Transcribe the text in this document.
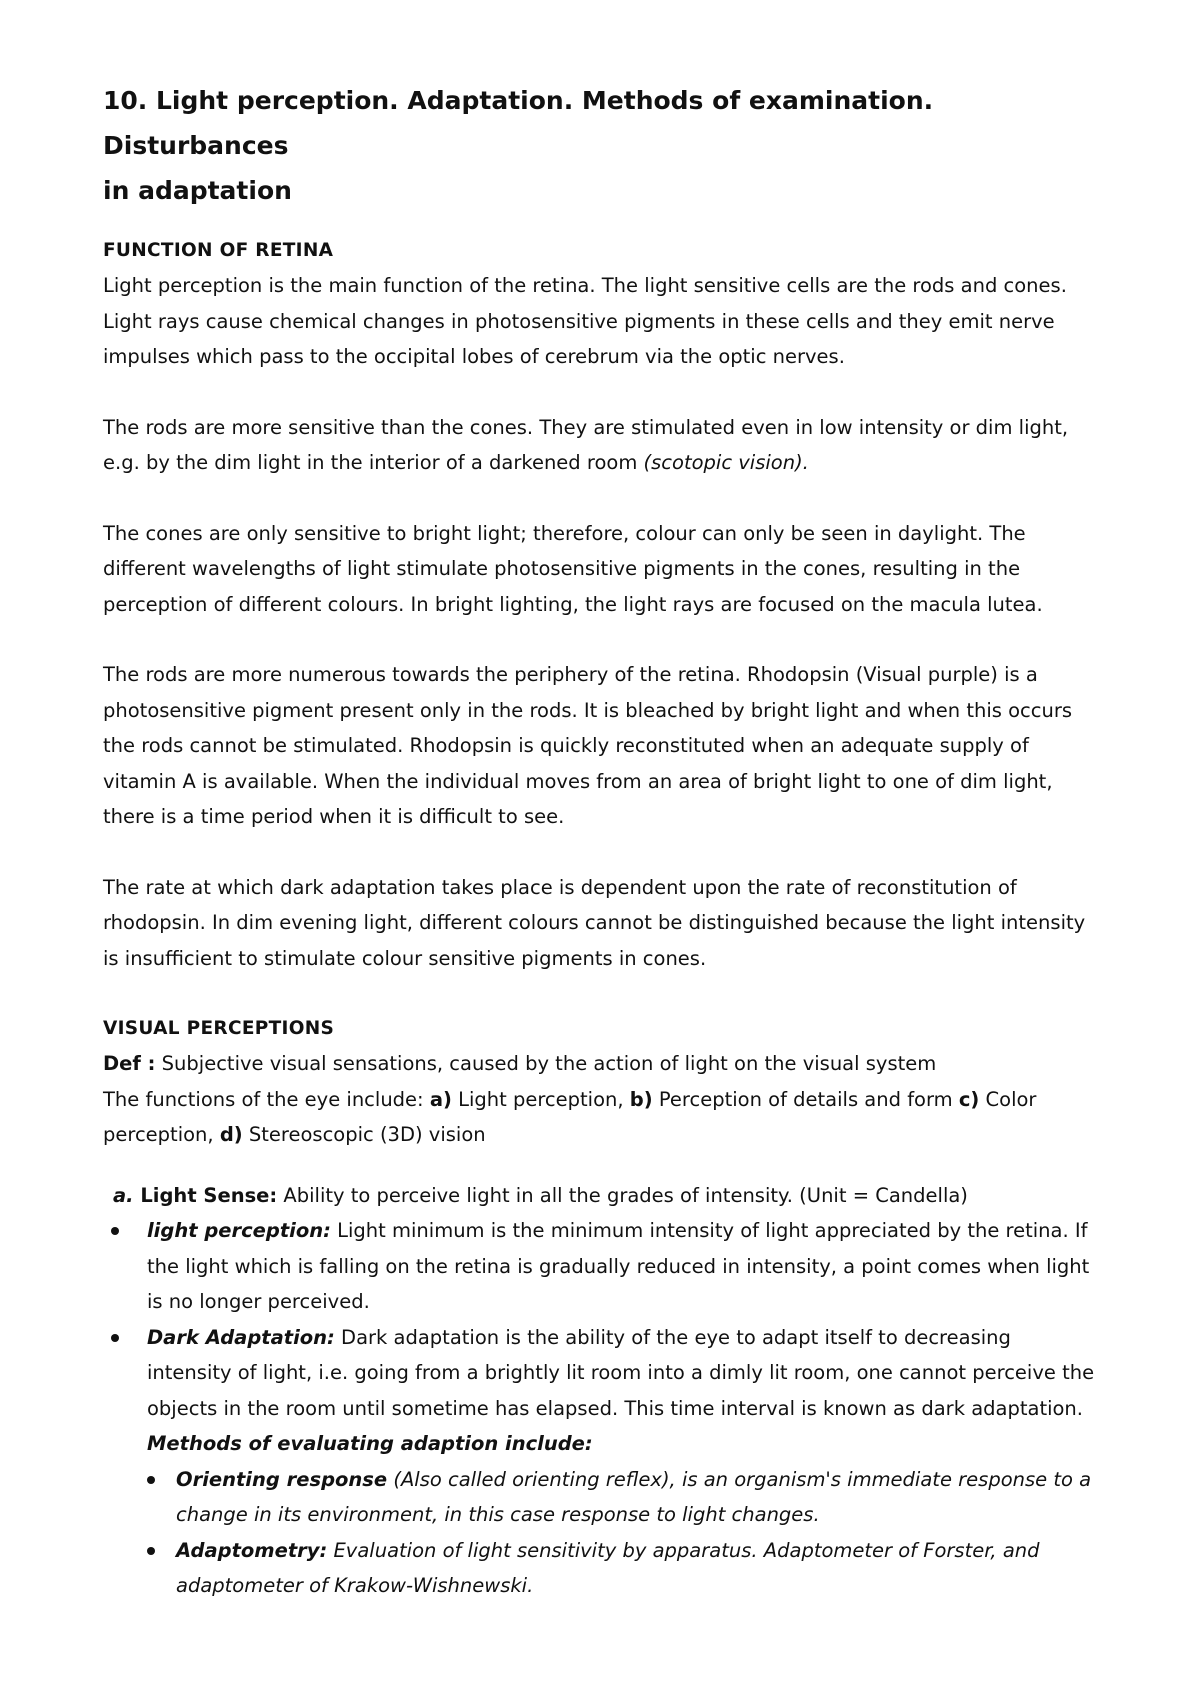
10. Light perception. Adaptation. Methods of examination. Disturbances
in adaptation
FUNCTION OF RETINA

Light perception is the main function of the retina. The light sensitive cells are the rods and cones. Light rays cause chemical changes in photosensitive pigments in these cells and they emit nerve impulses which pass to the occipital lobes of cerebrum via the optic nerves.

The rods are more sensitive than the cones. They are stimulated even in low intensity or dim light, e.g. by the dim light in the interior of a darkened room (scotopic vision).

The cones are only sensitive to bright light; therefore, colour can only be seen in daylight. The different wavelengths of light stimulate photosensitive pigments in the cones, resulting in the perception of different colours. In bright lighting, the light rays are focused on the macula lutea.

The rods are more numerous towards the periphery of the retina. Rhodopsin (Visual purple) is a photosensitive pigment present only in the rods. It is bleached by bright light and when this occurs the rods cannot be stimulated. Rhodopsin is quickly reconstituted when an adequate supply of vitamin A is available. When the individual moves from an area of bright light to one of dim light, there is a time period when it is difficult to see.

The rate at which dark adaptation takes place is dependent upon the rate of reconstitution of rhodopsin. In dim evening light, different colours cannot be distinguished because the light intensity is insufficient to stimulate colour sensitive pigments in cones.

VISUAL PERCEPTIONS

Def : Subjective visual sensations, caused by the action of light on the visual system

The functions of the eye include: a) Light perception, b) Perception of details and form c) Color perception, d) Stereoscopic (3D) vision

a. Light Sense: Ability to perceive light in all the grades of intensity. (Unit = Candella)

light perception: Light minimum is the minimum intensity of light appreciated by the retina. If the light which is falling on the retina is gradually reduced in intensity, a point comes when light is no longer perceived.
Dark Adaptation: Dark adaptation is the ability of the eye to adapt itself to decreasing intensity of light, i.e. going from a brightly lit room into a dimly lit room, one cannot perceive the objects in the room until sometime has elapsed. This time interval is known as dark adaptation.
Methods of evaluating adaption include:
Orienting response (Also called orienting reflex), is an organism's immediate response to a change in its environment, in this case response to light changes.
Adaptometry: Evaluation of light sensitivity by apparatus. Adaptometer of Forster, and adaptometer of Krakow-Wishnewski.
